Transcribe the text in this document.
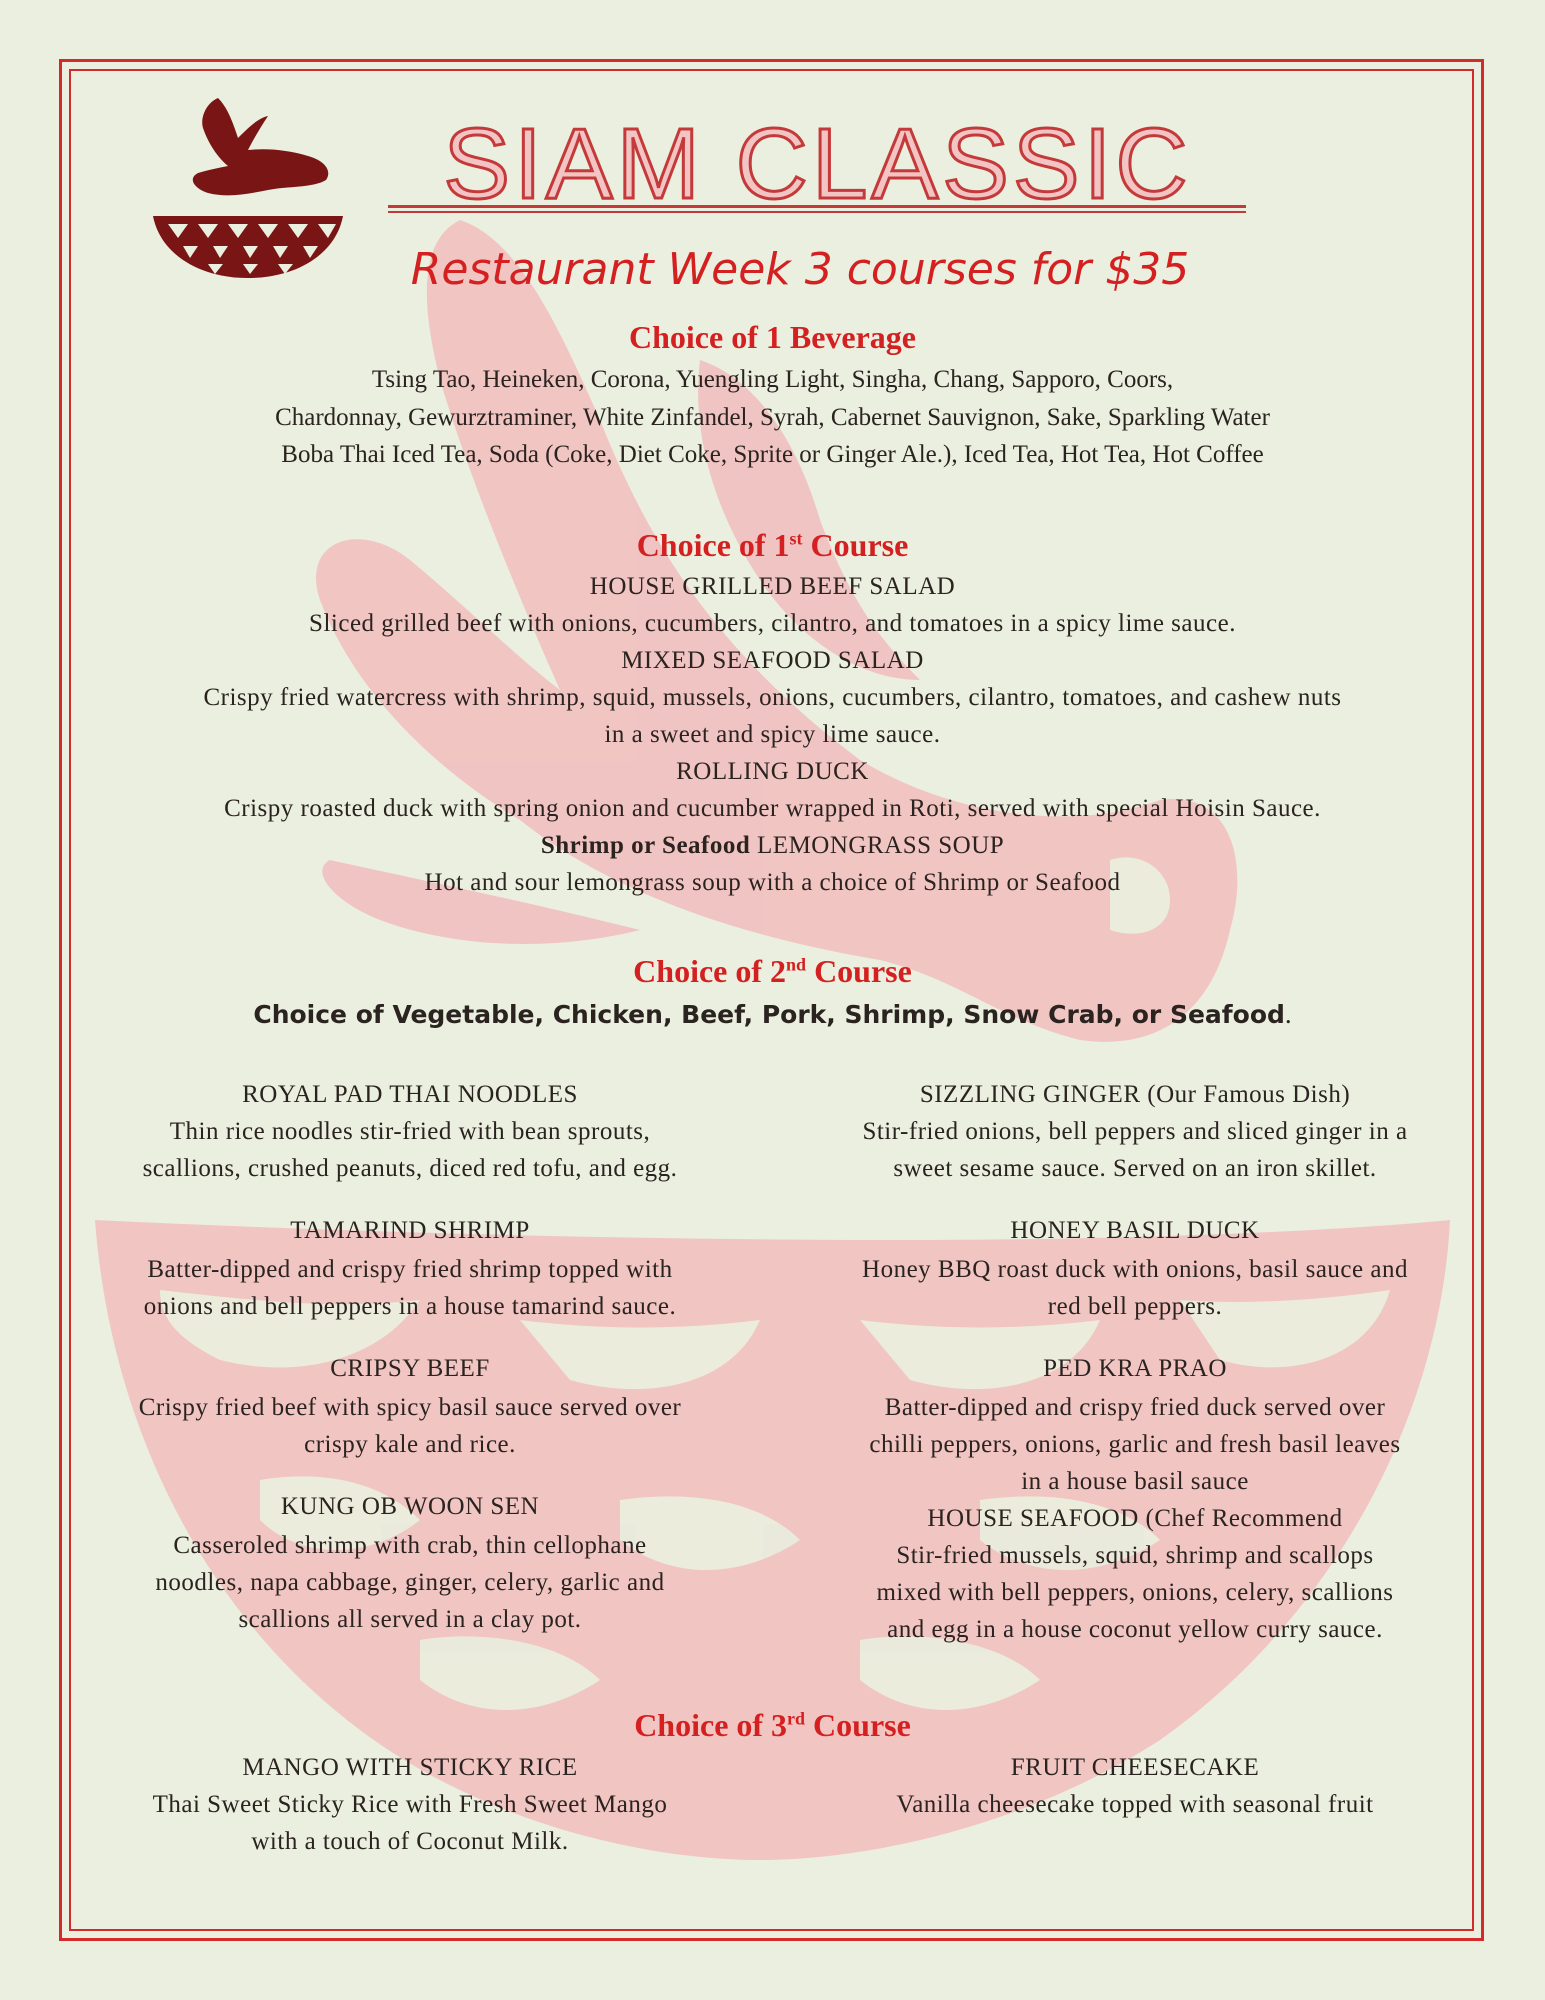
SIAM CLASSIC
Restaurant Week 3 courses for $35
Choice of 1 Beverage
Tsing Tao, Heineken, Corona, Yuengling Light, Singha, Chang, Sapporo, Coors,
Chardonnay, Gewurztraminer, White Zinfandel, Syrah, Cabernet Sauvignon, Sake, Sparkling Water
Boba Thai Iced Tea, Soda (Coke, Diet Coke, Sprite or Ginger Ale.), Iced Tea, Hot Tea, Hot Coffee
Choice of 1st Course
HOUSE GRILLED BEEF SALAD
Sliced grilled beef with onions, cucumbers, cilantro, and tomatoes in a spicy lime sauce.
MIXED SEAFOOD SALAD
Crispy fried watercress with shrimp, squid, mussels, onions, cucumbers, cilantro, tomatoes, and cashew nuts
in a sweet and spicy lime sauce.
ROLLING DUCK
Crispy roasted duck with spring onion and cucumber wrapped in Roti, served with special Hoisin Sauce.
Shrimp or Seafood LEMONGRASS SOUP
Hot and sour lemongrass soup with a choice of Shrimp or Seafood
Choice of 2nd Course
Choice of Vegetable, Chicken, Beef, Pork, Shrimp, Snow Crab, or Seafood.
ROYAL PAD THAI NOODLES
Thin rice noodles stir-fried with bean sprouts,
scallions, crushed peanuts, diced red tofu, and egg.
TAMARIND SHRIMP
Batter-dipped and crispy fried shrimp topped with
onions and bell peppers in a house tamarind sauce.
CRIPSY BEEF
Crispy fried beef with spicy basil sauce served over
crispy kale and rice.
KUNG OB WOON SEN
Casseroled shrimp with crab, thin cellophane
noodles, napa cabbage, ginger, celery, garlic and
scallions all served in a clay pot.
SIZZLING GINGER (Our Famous Dish)
Stir-fried onions, bell peppers and sliced ginger in a
sweet sesame sauce. Served on an iron skillet.
HONEY BASIL DUCK
Honey BBQ roast duck with onions, basil sauce and
red bell peppers.
PED KRA PRAO
Batter-dipped and crispy fried duck served over
chilli peppers, onions, garlic and fresh basil leaves
in a house basil sauce
HOUSE SEAFOOD (Chef Recommend
Stir-fried mussels, squid, shrimp and scallops
mixed with bell peppers, onions, celery, scallions
and egg in a house coconut yellow curry sauce.
Choice of 3rd Course
MANGO WITH STICKY RICE
Thai Sweet Sticky Rice with Fresh Sweet Mango
with a touch of Coconut Milk.
FRUIT CHEESECAKE
Vanilla cheesecake topped with seasonal fruit
